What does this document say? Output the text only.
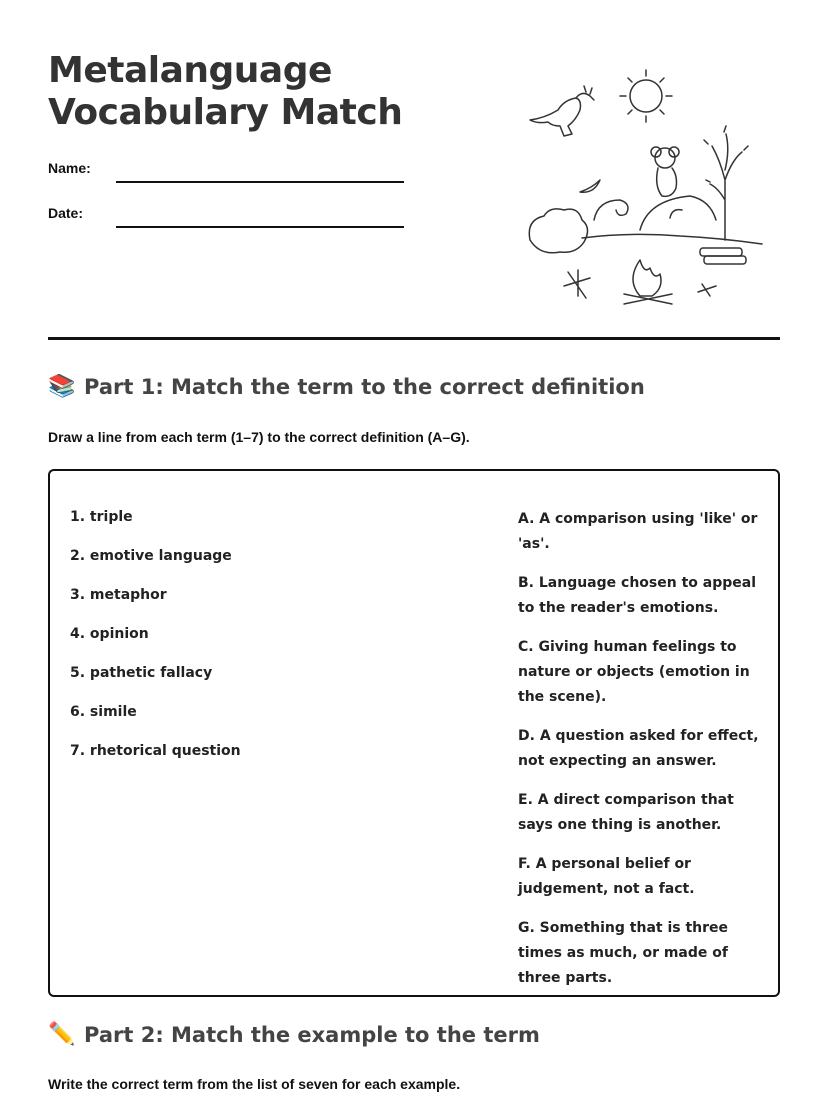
Metalanguage
Vocabulary Match
Name:
Date:
📚 Part 1: Match the term to the correct definition
Draw a line from each term (1–7) to the correct definition (A–G).
1. triple
2. emotive language
3. metaphor
4. opinion
5. pathetic fallacy
6. simile
7. rhetorical question
A. A comparison using 'like' or 'as'.
B. Language chosen to appeal to the reader's emotions.
C. Giving human feelings to nature or objects (emotion in the scene).
D. A question asked for effect, not expecting an answer.
E. A direct comparison that says one thing is another.
F. A personal belief or judgement, not a fact.
G. Something that is three times as much, or made of three parts.
✏️ Part 2: Match the example to the term
Write the correct term from the list of seven for each example.
